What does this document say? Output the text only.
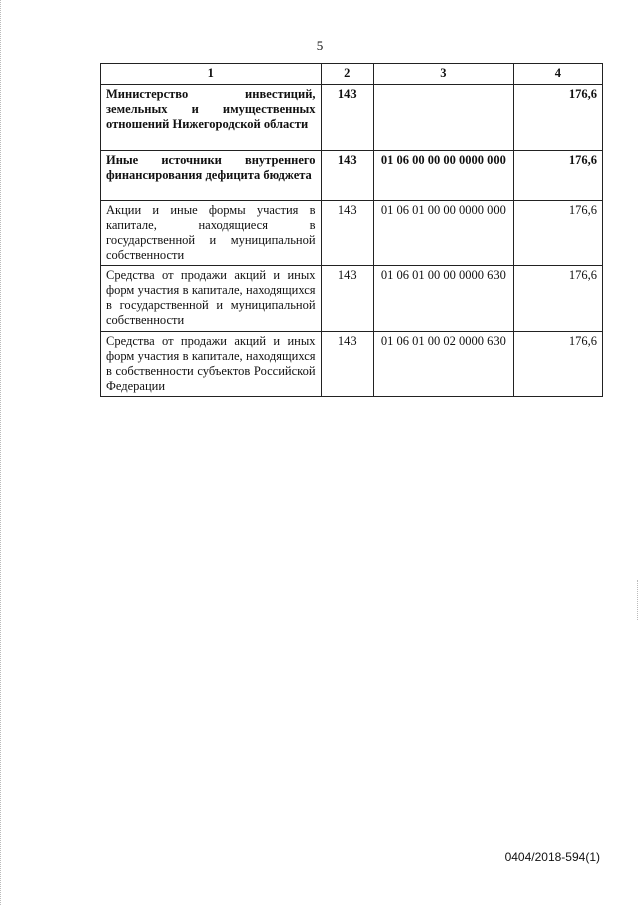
5
1	2	3	4
Министерство инвестиций, земельных и имущественных отношений Нижегородской области	143		176,6
Иные источники внутреннего финансирования дефицита бюджета	143	01 06 00 00 00 0000 000	176,6
Акции и иные формы участия в капитале, находящиеся в государственной и муниципальной собственности	143	01 06 01 00 00 0000 000	176,6
Средства от продажи акций и иных форм участия в капитале, находящихся в государственной и муниципальной собственности	143	01 06 01 00 00 0000 630	176,6
Средства от продажи акций и иных форм участия в капитале, находящихся в собственности субъектов Российской Федерации	143	01 06 01 00 02 0000 630	176,6
0404/2018-594(1)
